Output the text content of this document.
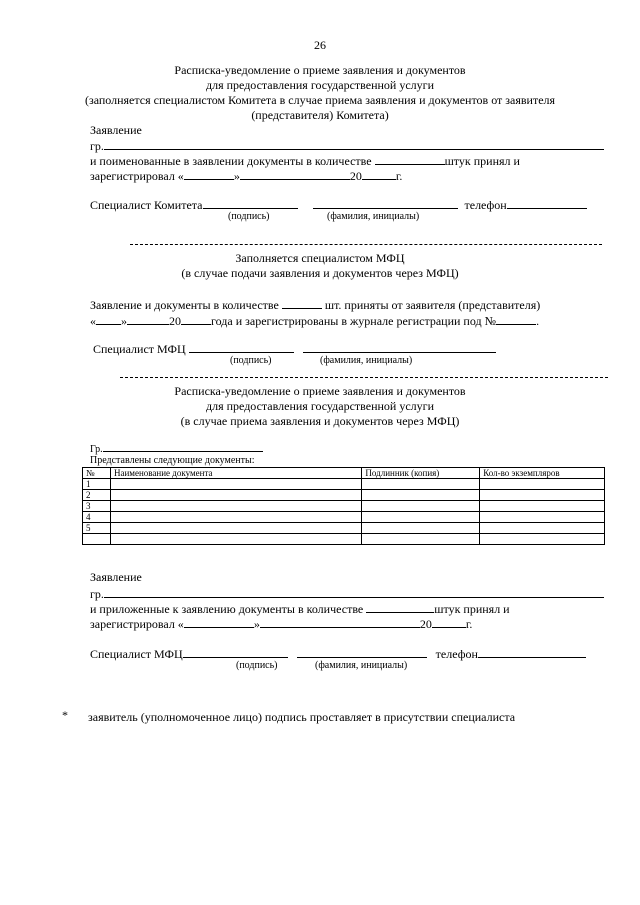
26
Расписка-уведомление о приеме заявления и документов
для предоставления государственной услуги
(заполняется специалистом Комитета в случае приема заявления и документов от заявителя
(представителя) Комитета)
Заявление
гр.
и поименованные в заявлении документы в количестве	штук принял и
зарегистрировал «	»	20	г.
Специалист Комитета	телефон
(подпись)	(фамилия, инициалы)
Заполняется специалистом МФЦ
(в случае подачи заявления и документов через МФЦ)
Заявление и документы в количестве	шт. приняты от заявителя (представителя)
« »	20	года и зарегистрированы в журнале регистрации под №	.
Специалист МФЦ
(подпись)	(фамилия, инициалы)
Расписка-уведомление о приеме заявления и документов
для предоставления государственной услуги
(в случае приема заявления и документов через МФЦ)
Гр.
Представлены следующие документы:
№	Наименование документа	Подлинник (копия)	Кол-во экземпляров
1			
2			
3			
4			
5			

Заявление
гр.
и приложенные к заявлению документы в количестве	штук принял и
зарегистрировал «	»	20	г.
Специалист МФЦ	телефон
(подпись)	(фамилия, инициалы)
* заявитель (уполномоченное лицо) подпись проставляет в присутствии специалиста
